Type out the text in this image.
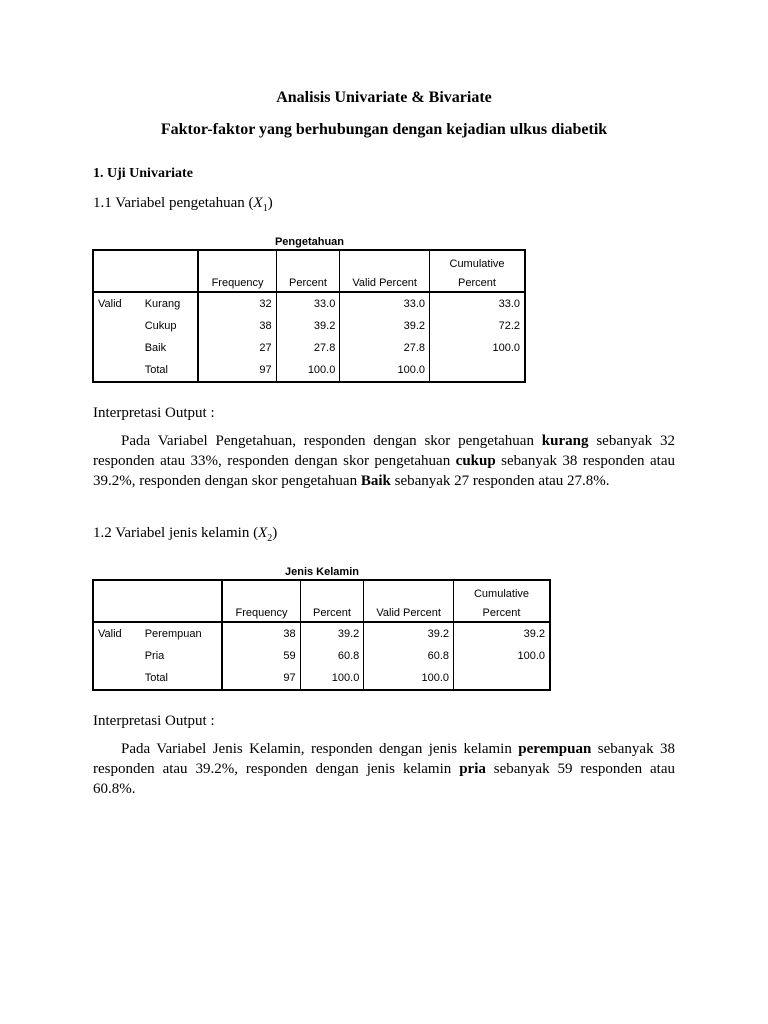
Analisis Univariate & Bivariate
Faktor-faktor yang berhubungan dengan kejadian ulkus diabetik
1. Uji Univariate
1.1 Variabel pengetahuan $(X_1)$
Pengetahuan
					Cumulative
		Frequency	Percent	Valid Percent	Percent
Valid	Kurang	32	33.0	33.0	33.0
	Cukup	38	39.2	39.2	72.2
	Baik	27	27.8	27.8	100.0
	Total	97	100.0	100.0	
Interpretasi Output :
Pada Variabel Pengetahuan, responden dengan skor pengetahuan kurang sebanyak 32 responden atau 33%, responden dengan skor pengetahuan cukup sebanyak 38 responden atau 39.2%, responden dengan skor pengetahuan Baik sebanyak 27 responden atau 27.8%.
1.2 Variabel jenis kelamin $(X_2)$
Jenis Kelamin
					Cumulative
		Frequency	Percent	Valid Percent	Percent
Valid	Perempuan	38	39.2	39.2	39.2
	Pria	59	60.8	60.8	100.0
	Total	97	100.0	100.0	
Interpretasi Output :
Pada Variabel Jenis Kelamin, responden dengan jenis kelamin perempuan sebanyak 38 responden atau 39.2%, responden dengan jenis kelamin pria sebanyak 59 responden atau 60.8%.
